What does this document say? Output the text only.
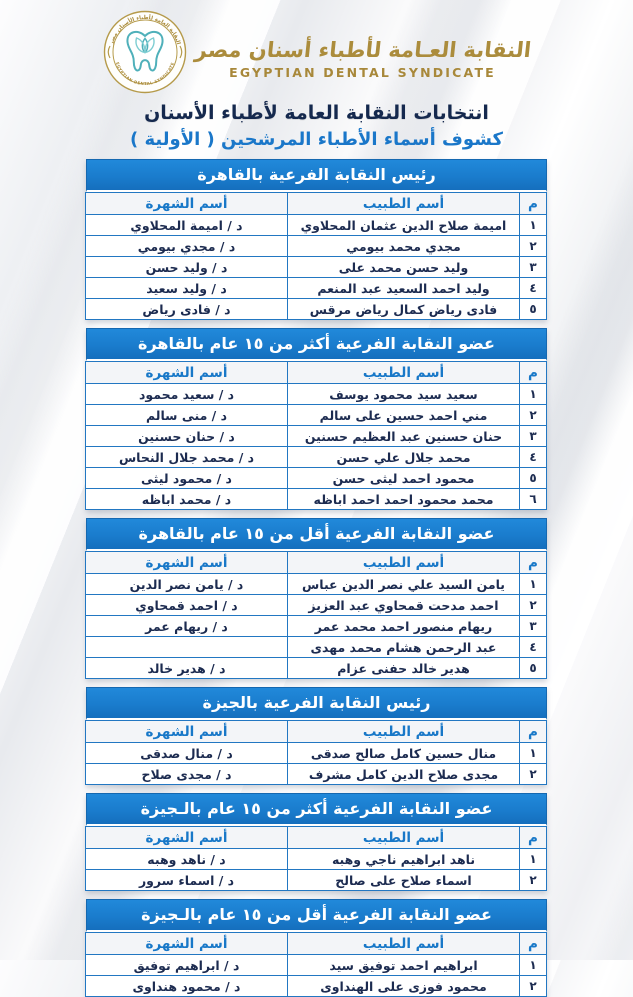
النقابة العامة لأطباء الأسنان مصر
EGYPTIAN DENTAL SYNDICATE
النقابة العـامة لأطباء أسنان مصر
EGYPTIAN DENTAL SYNDICATE
انتخابات النقابة العامة لأطباء الأسنان
كشوف أسماء الأطباء المرشحين ( الأولية )
رئيس النقابة الفرعية بالقاهرة
م	أسم الطبيب	أسم الشهرة
١	اميمة صلاح الدين عثمان المحلاوي	د / اميمة المحلاوي
٢	مجدي محمد بيومي	د / مجدي بيومي
٣	وليد حسن محمد على	د / وليد حسن
٤	وليد احمد السعيد عبد المنعم	د / وليد سعيد
٥	فادى رياض كمال رياض مرقس	د / فادى رياض
عضو النقابة الفرعية أكثر من ١٥ عام بالقاهرة
م	أسم الطبيب	أسم الشهرة
١	سعيد سيد محمود يوسف	د / سعيد محمود
٢	مني احمد حسين على سالم	د / منى سالم
٣	حنان حسنين عبد العظيم حسنين	د / حنان حسنين
٤	محمد جلال علي حسن	د / محمد جلال النحاس
٥	محمود احمد ليثى حسن	د / محمود ليثى
٦	محمد محمود احمد احمد اباظه	د / محمد اباظه
عضو النقابة الفرعية أقل من ١٥ عام بالقاهرة
م	أسم الطبيب	أسم الشهرة
١	يامن السيد علي نصر الدين عباس	د / يامن نصر الدين
٢	احمد مدحت قمحاوي عبد العزيز	د / احمد قمحاوي
٣	ريهام منصور احمد محمد عمر	د / ريهام عمر
٤	عبد الرحمن هشام محمد مهدى	
٥	هدير خالد حفنى عزام	د / هدير خالد
رئيس النقابة الفرعية بالجيزة
م	أسم الطبيب	أسم الشهرة
١	منال حسين كامل صالح صدقى	د / منال صدقى
٢	مجدى صلاح الدين كامل مشرف	د / مجدى صلاح
عضو النقابة الفرعية أكثر من ١٥ عام بالـجيزة
م	أسم الطبيب	أسم الشهرة
١	ناهد ابراهيم ناجي وهبه	د / ناهد وهبه
٢	اسماء صلاح على صالح	د / اسماء سرور
عضو النقابة الفرعية أقل من ١٥ عام بالـجيزة
م	أسم الطبيب	أسم الشهرة
١	ابراهيم احمد توفيق سيد	د / ابراهيم توفيق
٢	محمود فوزى على الهنداوى	د / محمود هنداوى
